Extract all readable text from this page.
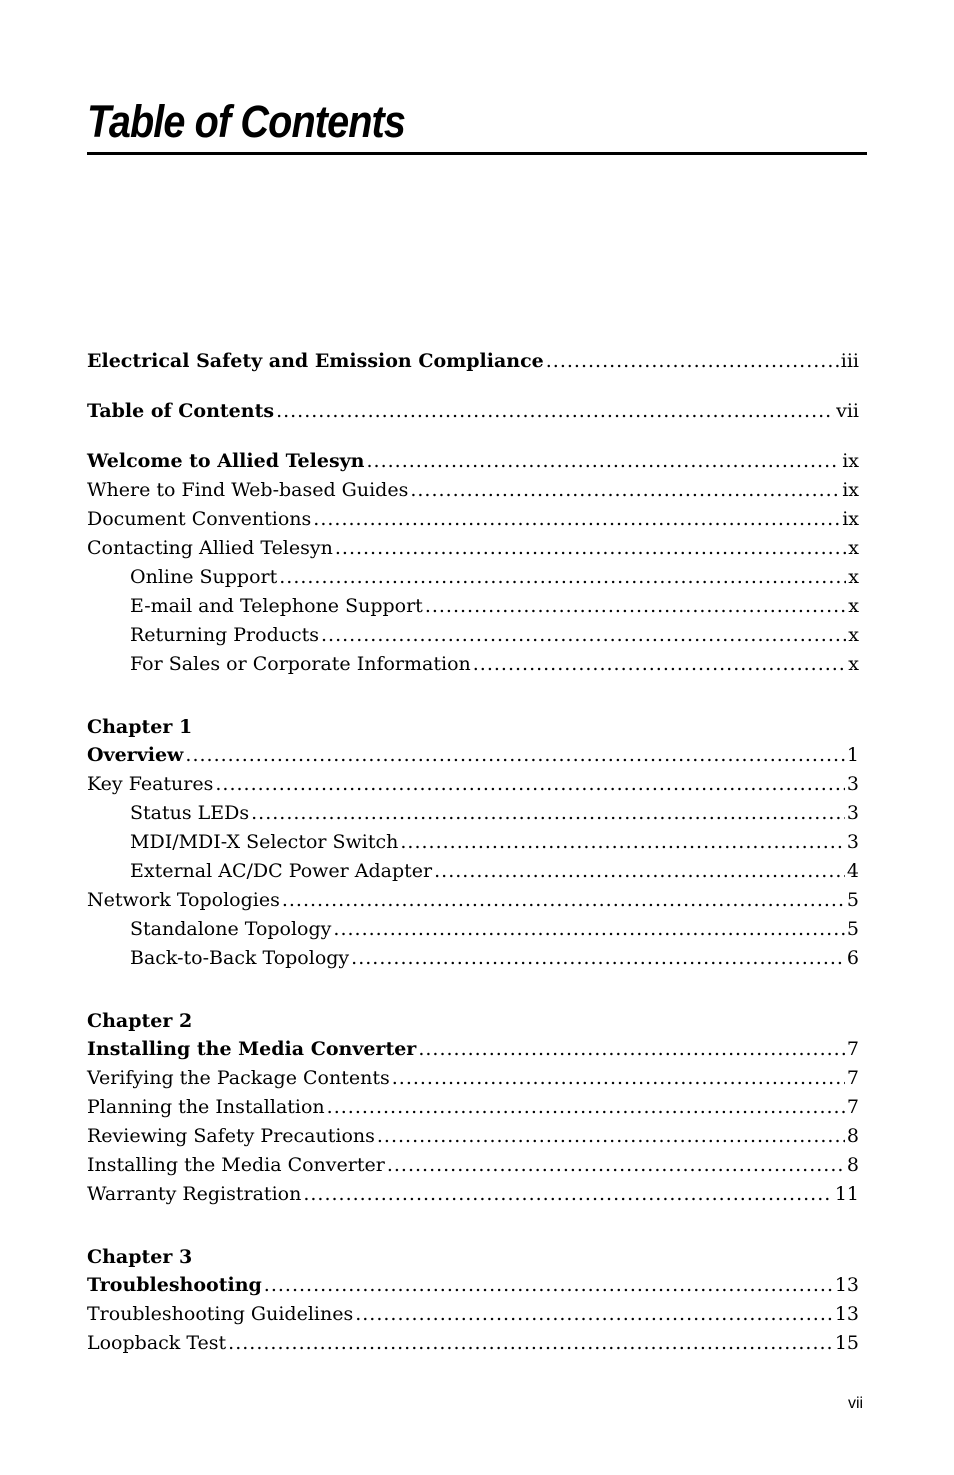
Table of Contents
Electrical Safety and Emission Compliance .....	iii
Table of Contents .....	vii
Welcome to Allied Telesyn .....	ix
Where to Find Web-based Guides .....	ix
Document Conventions .....	ix
Contacting Allied Telesyn .....	x
Online Support .....	x
E-mail and Telephone Support .....	x
Returning Products .....	x
For Sales or Corporate Information .....	x
Chapter 1
Overview .....	1
Key Features .....	3
Status LEDs .....	3
MDI/MDI-X Selector Switch .....	3
External AC/DC Power Adapter .....	4
Network Topologies .....	5
Standalone Topology .....	5
Back-to-Back Topology .....	6
Chapter 2
Installing the Media Converter .....	7
Verifying the Package Contents .....	7
Planning the Installation .....	7
Reviewing Safety Precautions .....	8
Installing the Media Converter .....	8
Warranty Registration .....	11
Chapter 3
Troubleshooting .....	13
Troubleshooting Guidelines .....	13
Loopback Test .....	15
vii
